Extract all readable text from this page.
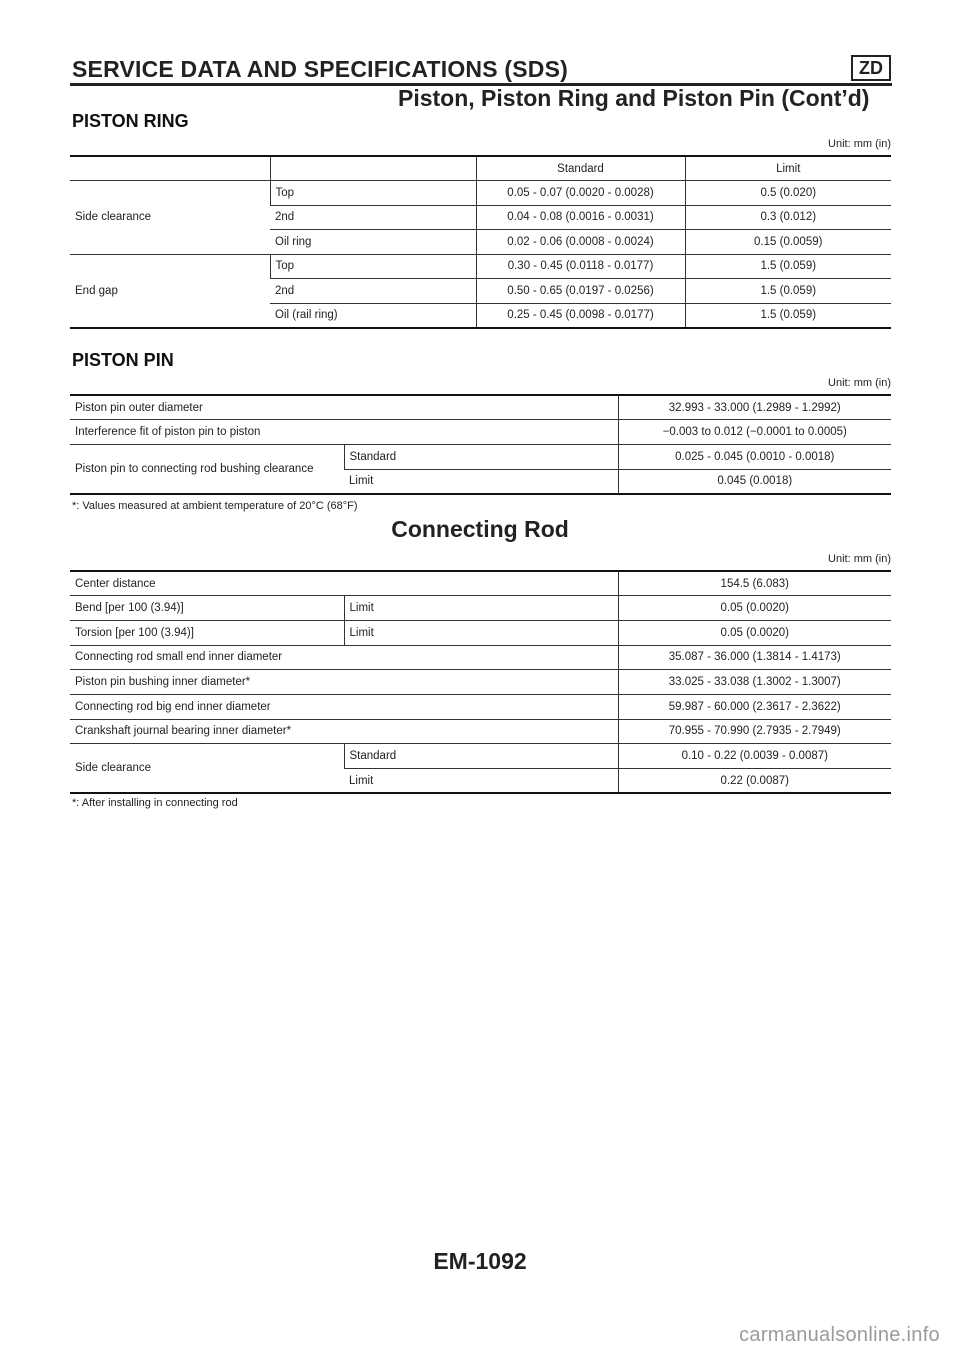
SERVICE DATA AND SPECIFICATIONS (SDS)	ZD
Piston, Piston Ring and Piston Pin (Cont’d)
PISTON RING
Unit: mm (in)
		Standard	Limit
Side clearance	Top	0.05 - 0.07 (0.0020 - 0.0028)	0.5 (0.020)
	2nd	0.04 - 0.08 (0.0016 - 0.0031)	0.3 (0.012)
	Oil ring	0.02 - 0.06 (0.0008 - 0.0024)	0.15 (0.0059)
End gap	Top	0.30 - 0.45 (0.0118 - 0.0177)	1.5 (0.059)
	2nd	0.50 - 0.65 (0.0197 - 0.0256)	1.5 (0.059)
	Oil (rail ring)	0.25 - 0.45 (0.0098 - 0.0177)	1.5 (0.059)
PISTON PIN
Unit: mm (in)
Piston pin outer diameter		32.993 - 33.000 (1.2989 - 1.2992)
Interference fit of piston pin to piston		−0.003 to 0.012 (−0.0001 to 0.0005)
Piston pin to connecting rod bushing clearance	Standard	0.025 - 0.045 (0.0010 - 0.0018)
	Limit	0.045 (0.0018)
*: Values measured at ambient temperature of 20°C (68°F)
Connecting Rod
Unit: mm (in)
Center distance		154.5 (6.083)
Bend [per 100 (3.94)]	Limit	0.05 (0.0020)
Torsion [per 100 (3.94)]	Limit	0.05 (0.0020)
Connecting rod small end inner diameter		35.087 - 36.000 (1.3814 - 1.4173)
Piston pin bushing inner diameter*		33.025 - 33.038 (1.3002 - 1.3007)
Connecting rod big end inner diameter		59.987 - 60.000 (2.3617 - 2.3622)
Crankshaft journal bearing inner diameter*		70.955 - 70.990 (2.7935 - 2.7949)
Side clearance	Standard	0.10 - 0.22 (0.0039 - 0.0087)
	Limit	0.22 (0.0087)
*: After installing in connecting rod
EM-1092
carmanualsonline.info
